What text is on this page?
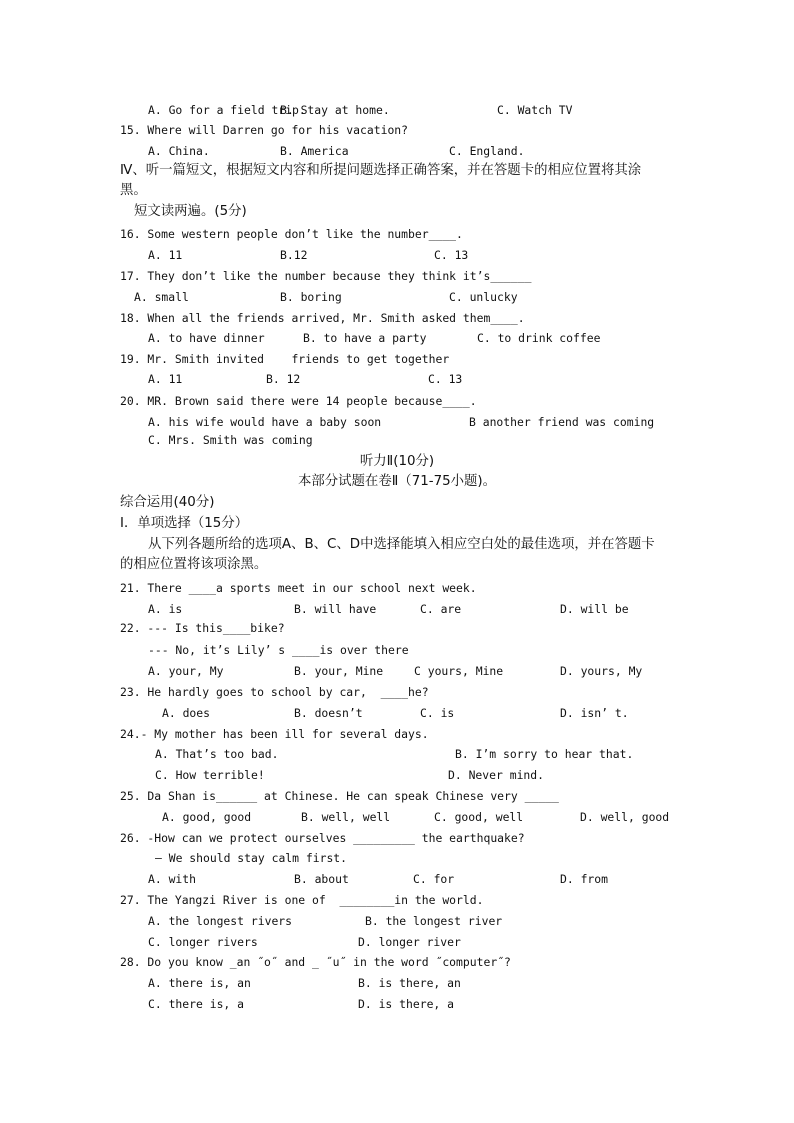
A. Go for a field trip.
B. Stay at home.	C. Watch TV
15. Where will Darren go for his vacation?
A. China.	B. America	C. England.
Ⅳ、听一篇短文，根据短文内容和所提问题选择正确答案，并在答题卡的相应位置将其涂
黑。
短文读两遍。(5分)
16. Some western people don’t like the number____.
A. 11	B.12	C. 13
17. They don’t like the number because they think it’s______
A. small	B. boring	C. unlucky
18. When all the friends arrived, Mr. Smith asked them____.
A. to have dinner	B. to have a party	C. to drink coffee
19. Mr. Smith invited    friends to get together
A. 11	B. 12	C. 13
20. MR. Brown said there were 14 people because____.
A. his wife would have a baby soon	B another friend was coming
C. Mrs. Smith was coming
听力Ⅱ(10分)
本部分试题在卷Ⅱ（71-75小题)。
综合运用(40分)
I．单项选择（15分）
从下列各题所给的选项A、B、C、D中选择能填入相应空白处的最佳选项，并在答题卡
的相应位置将该项涂黑。
21. There ____a sports meet in our school next week.
A. is	B. will have	C. are	D. will be
22. --- Is this____bike?
--- No, it’s Lily’ s ____is over there
A. your, My	B. your, Mine	C yours, Mine	D. yours, My
23. He hardly goes to school by car,  ____he?
A. does	B. doesn’t	C. is	D. isn’ t.
24.- My mother has been ill for several days.
A. That’s too bad.	B. I’m sorry to hear that.
C. How terrible!	D. Never mind.
25. Da Shan is______ at Chinese. He can speak Chinese very _____
A. good, good	B. well, well	C. good, well	D. well, good
26. -How can we protect ourselves _________ the earthquake?
– We should stay calm first.
A. with	B. about	C. for	D. from
27. The Yangzi River is one of  ________in the world.
A. the longest rivers	B. the longest river
C. longer rivers	D. longer river
28. Do you know _an ˝o˝ and _ ˝u˝ in the word ˝computer˝?
A. there is, an	B. is there, an
C. there is, a	D. is there, a
